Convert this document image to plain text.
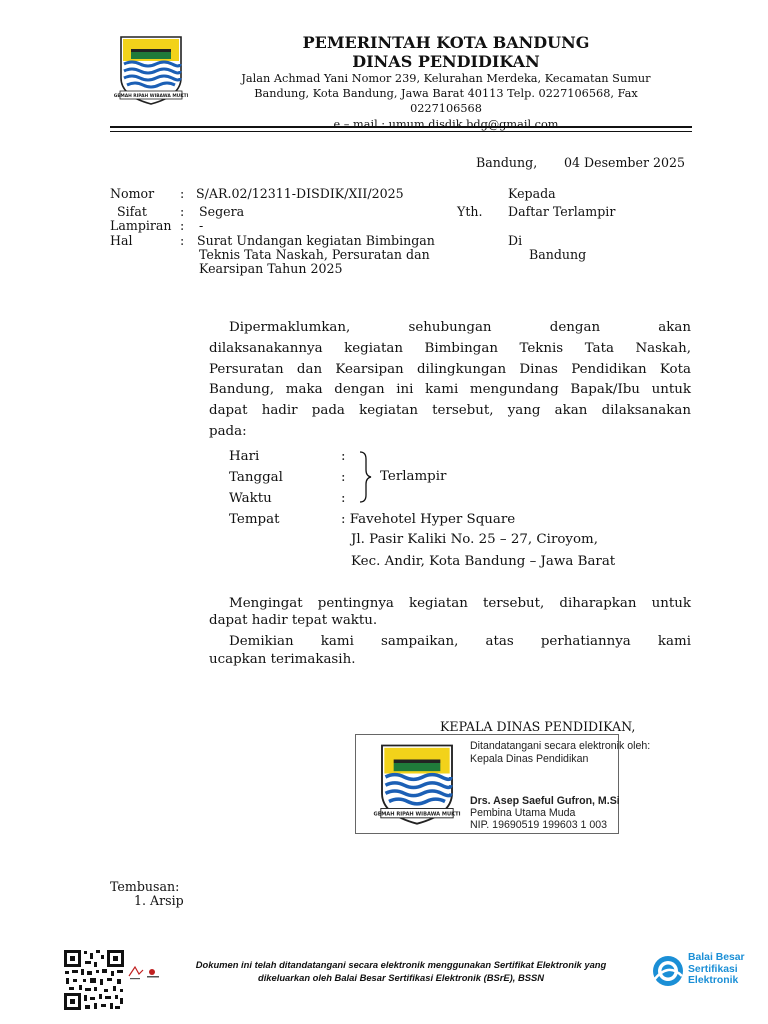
GEMAH RIPAH WIBAWA MUKTI
PEMERINTAH KOTA BANDUNG
DINAS PENDIDIKAN
Jalan Achmad Yani Nomor 239, Kelurahan Merdeka, Kecamatan Sumur
Bandung, Kota Bandung, Jawa Barat 40113 Telp. 0227106568, Fax
0227106568
e – mail : umum.disdik.bdg@gmail.com
Bandung, 04 Desember 2025
Nomor : S/AR.02/12311-DISDIK/XII/2025
Sifat	: Segera
Lampiran : -
Hal	: Surat Undangan kegiatan Bimbingan
Teknis Tata Naskah, Persuratan dan
Kearsipan Tahun 2025
Kepada
Yth. Daftar Terlampir
Di
Bandung
Dipermaklumkan, sehubungan dengan akan
dilaksanakannya kegiatan Bimbingan Teknis Tata Naskah,
Persuratan dan Kearsipan dilingkungan Dinas Pendidikan Kota
Bandung, maka dengan ini kami mengundang Bapak/Ibu untuk
dapat hadir pada kegiatan tersebut, yang akan dilaksanakan
pada:
Hari	:
Tanggal	:
Waktu	:
Terlampir
Tempat	: Favehotel Hyper Square
Jl. Pasir Kaliki No. 25 – 27, Ciroyom,
Kec. Andir, Kota Bandung – Jawa Barat
Mengingat pentingnya kegiatan tersebut, diharapkan untuk
dapat hadir tepat waktu.
Demikian kami sampaikan, atas perhatiannya kami
ucapkan terimakasih.
KEPALA DINAS PENDIDIKAN,
GEMAH RIPAH WIBAWA MUKTI
Ditandatangani secara elektronik oleh:
Kepala Dinas Pendidikan
Drs. Asep Saeful Gufron, M.Si
Pembina Utama Muda
NIP. 19690519 199603 1 003
Tembusan:
1. Arsip
Dokumen ini telah ditandatangani secara elektronik menggunakan Sertifikat Elektronik yang
dikeluarkan oleh Balai Besar Sertifikasi Elektronik (BSrE), BSSN
Balai Besar
Sertifikasi
Elektronik
